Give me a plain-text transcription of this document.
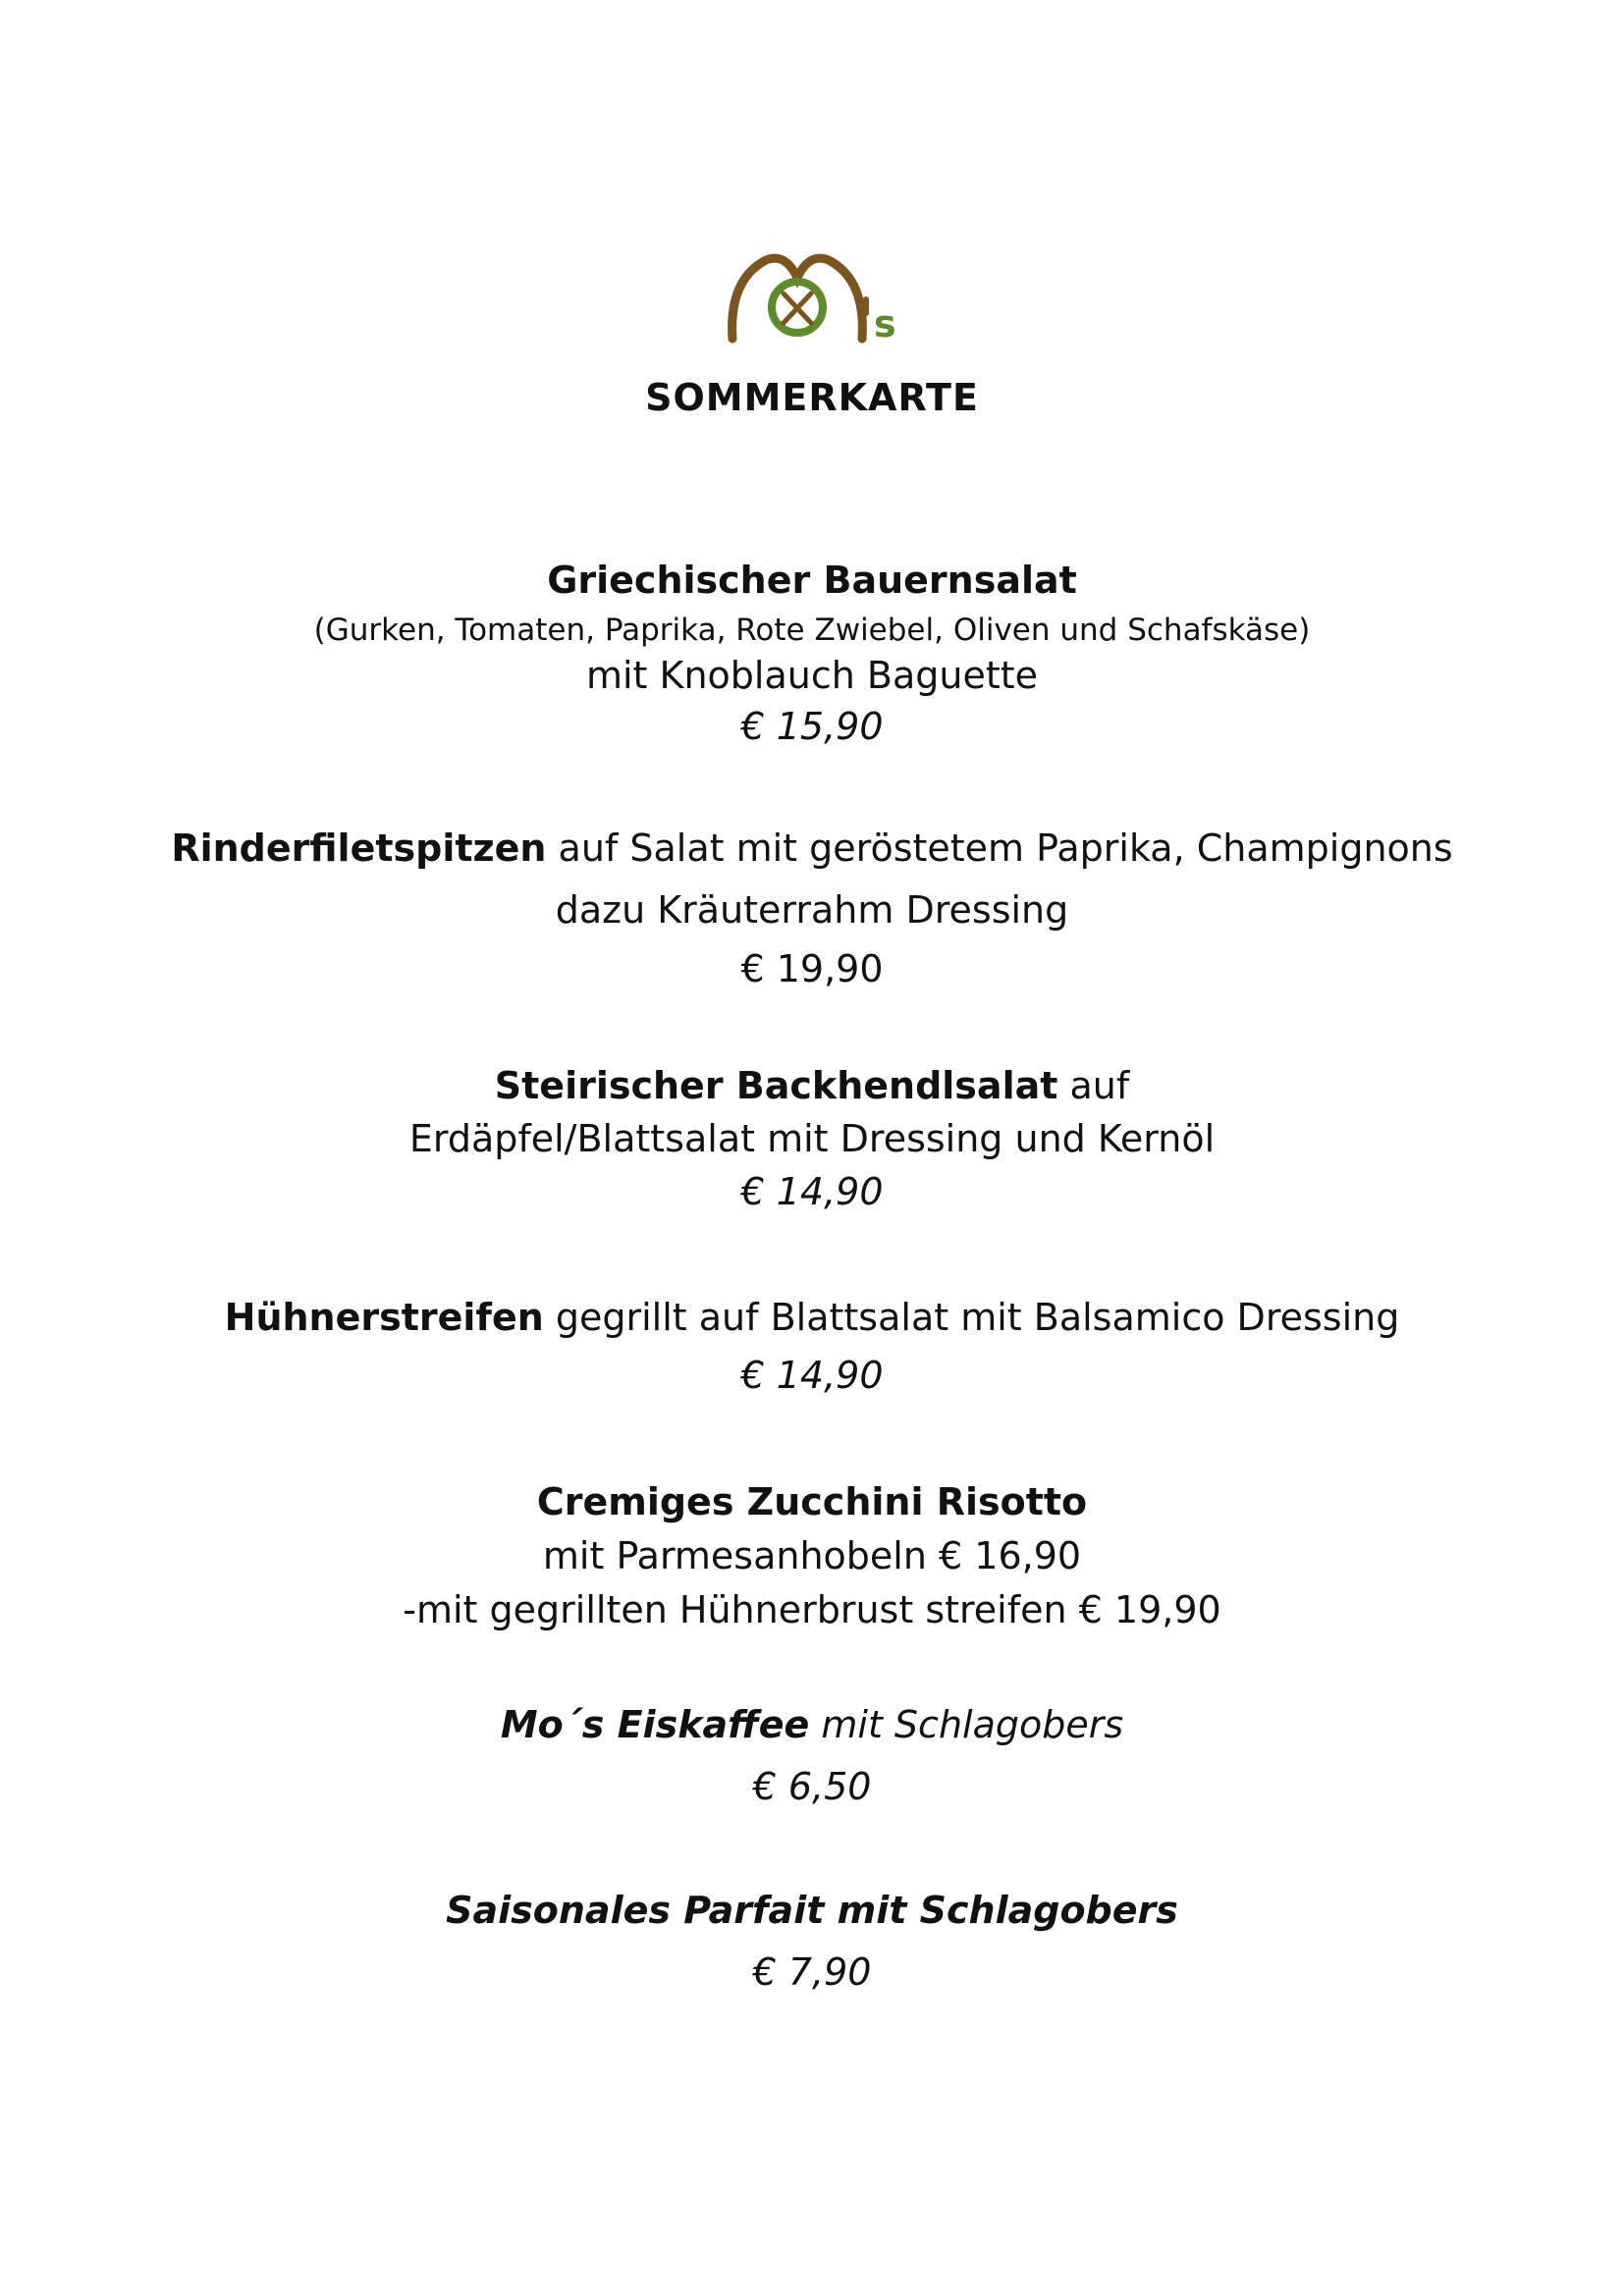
s
SOMMERKARTE
Griechischer Bauernsalat
(Gurken, Tomaten, Paprika, Rote Zwiebel, Oliven und Schafskäse)
mit Knoblauch Baguette
€ 15,90
Rinderfiletspitzen auf Salat mit geröstetem Paprika, Champignons
dazu Kräuterrahm Dressing
€ 19,90
Steirischer Backhendlsalat auf
Erdäpfel/Blattsalat mit Dressing und Kernöl
€ 14,90
Hühnerstreifen gegrillt auf Blattsalat mit Balsamico Dressing
€ 14,90
Cremiges Zucchini Risotto
mit Parmesanhobeln € 16,90
-mit gegrillten Hühnerbrust streifen € 19,90
Mo´s Eiskaffee mit Schlagobers
€ 6,50
Saisonales Parfait mit Schlagobers
€ 7,90
